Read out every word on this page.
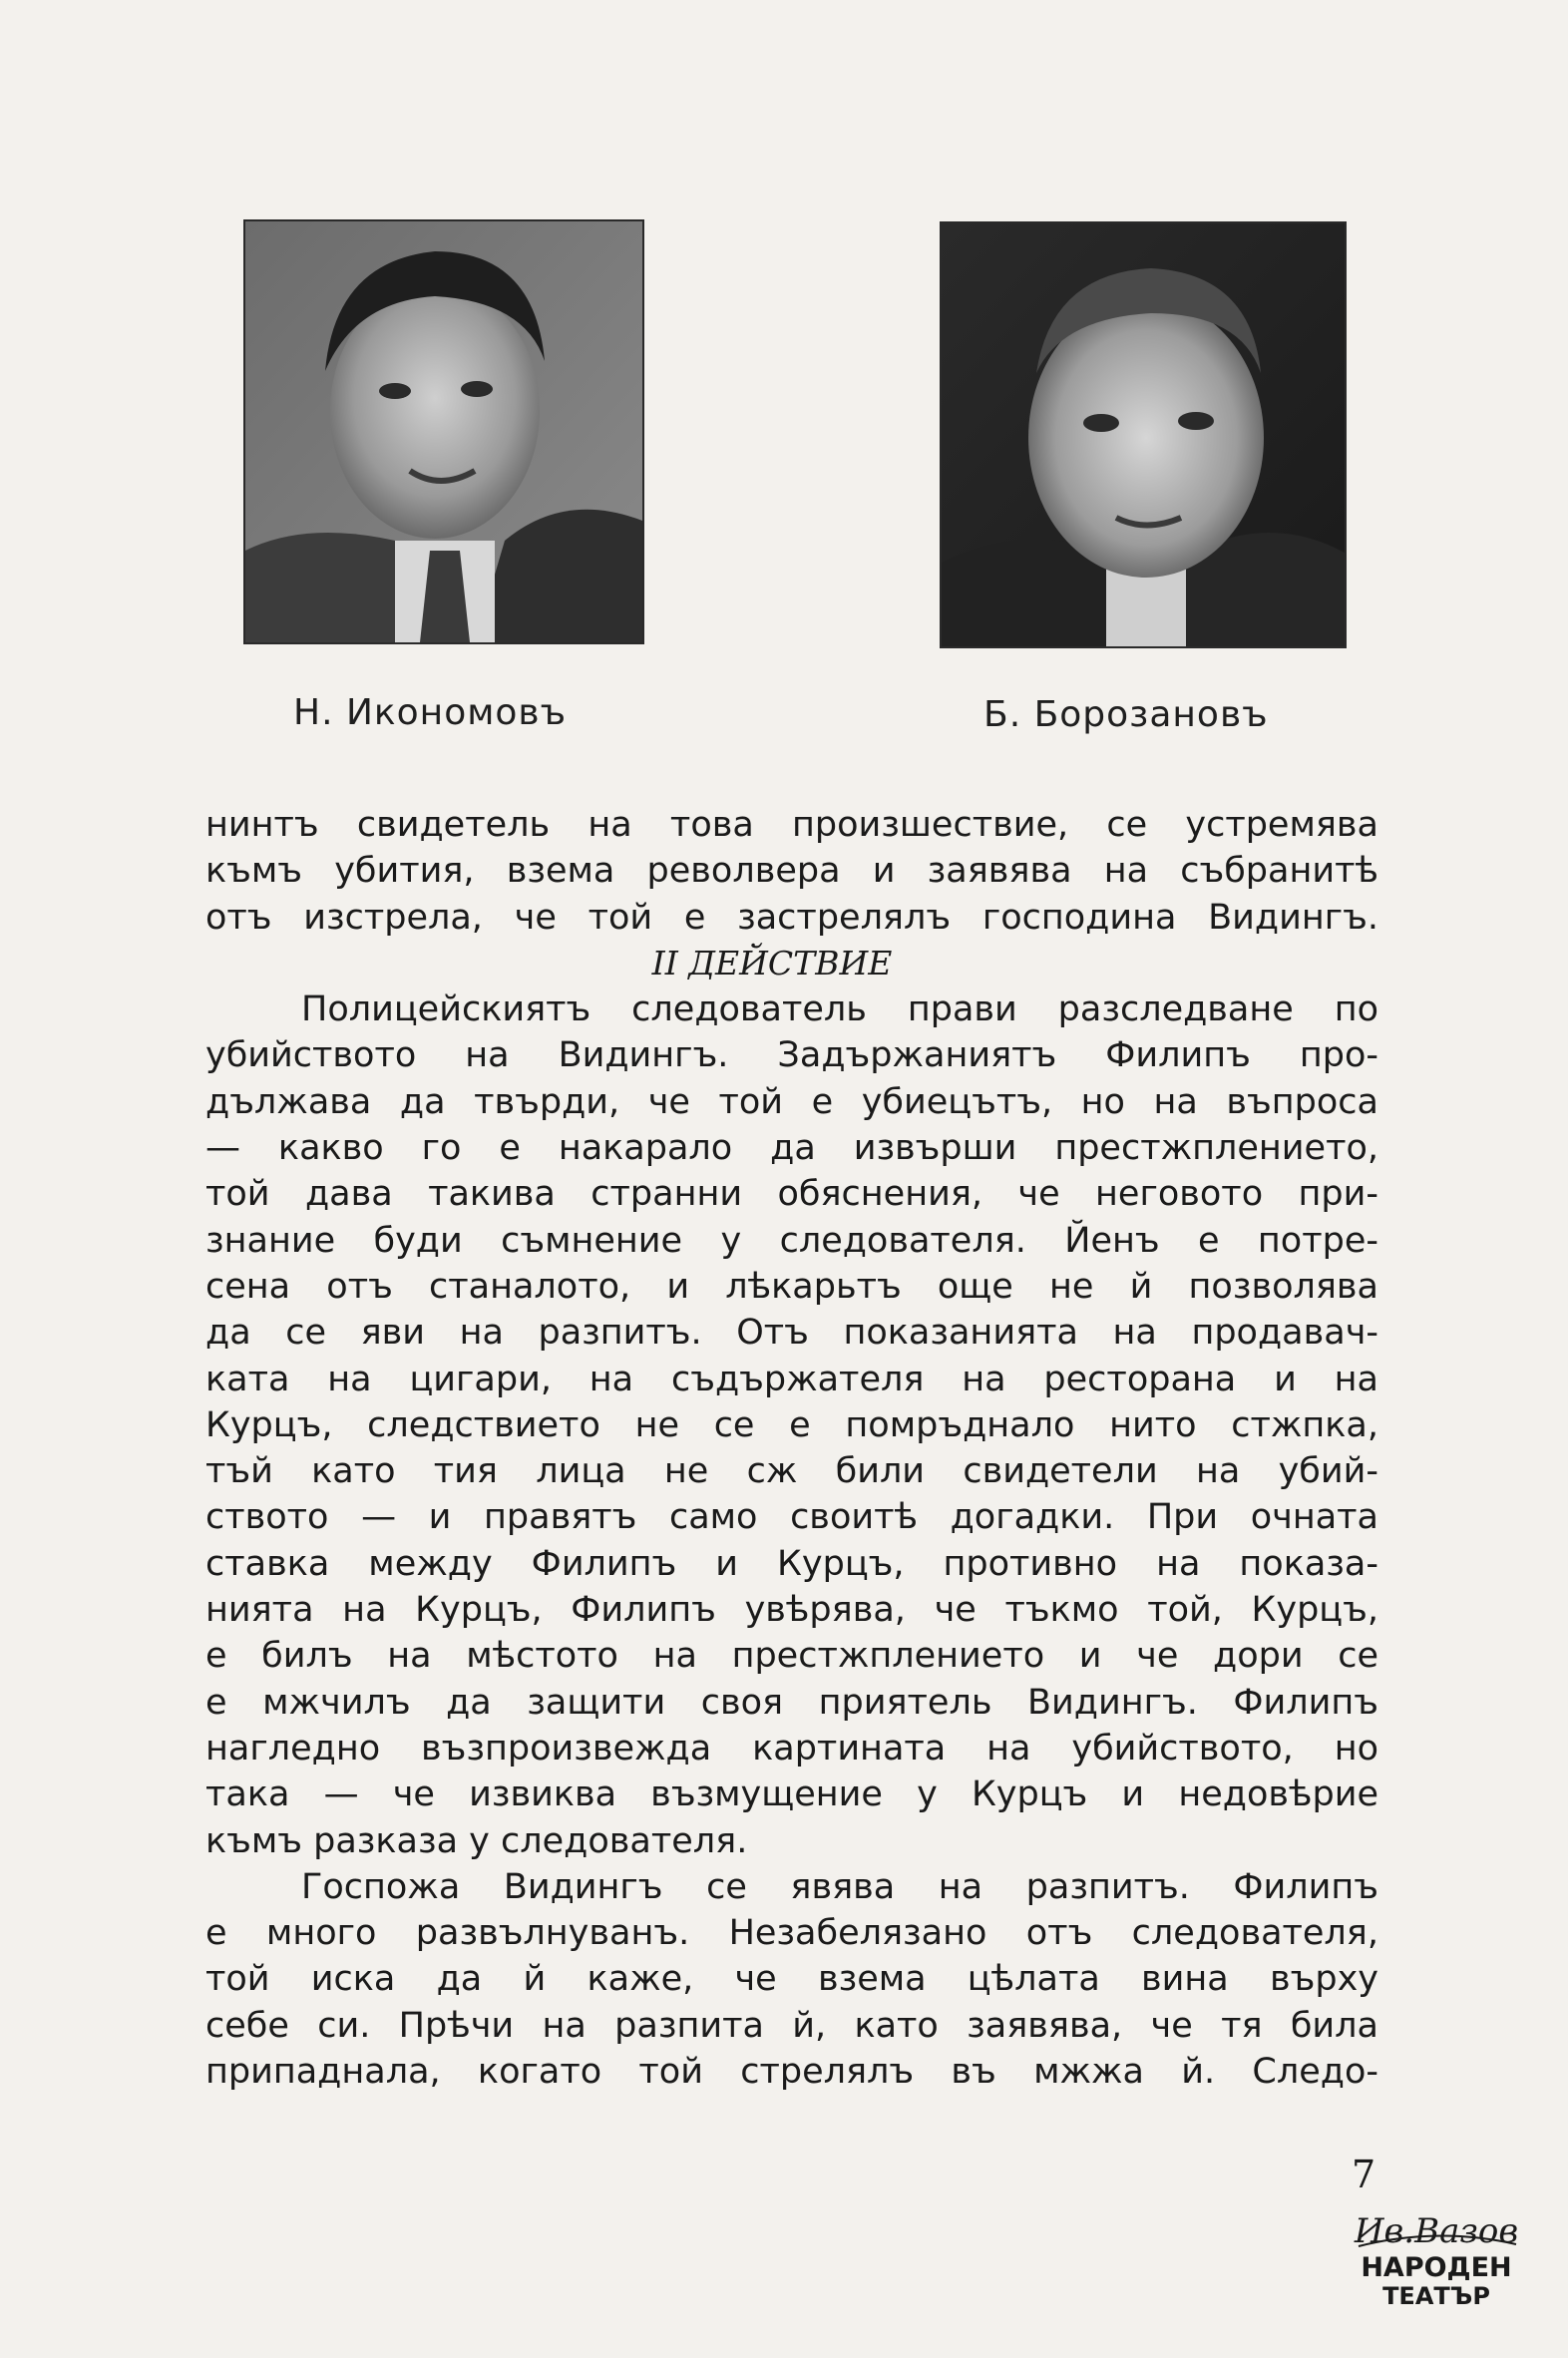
Н. Икономовъ	Б. Борозановъ
нинтъ свидетель на това произшествие, се устремява
къмъ убития, взема револвера и заявява на събранитѣ
отъ изстрела, че той е застрелялъ господина Видингъ.
II ДЕЙСТВИЕ
Полицейскиятъ следователь прави разследване по
убийството на Видингъ. Задържаниятъ Филипъ про-
дължава да твърди, че той е убиецътъ, но на въпроса
— какво го е накарало да извърши престжплението,
той дава такива странни обяснения, че неговото при-
знание буди съмнение у следователя. Йенъ е потре-
сена отъ станалото, и лѣкарьтъ още не й позволява
да се яви на разпитъ. Отъ показанията на продавач-
ката на цигари, на съдържателя на ресторана и на
Курцъ, следствието не се е помръднало нито стжпка,
тъй като тия лица не сж били свидетели на убий-
ството — и правятъ само своитѣ догадки. При очната
ставка между Филипъ и Курцъ, противно на показа-
нията на Курцъ, Филипъ увѣрява, че тъкмо той, Курцъ,
е билъ на мѣстото на престжплението и че дори се
е мжчилъ да защити своя приятель Видингъ. Филипъ
нагледно възпроизвежда картината на убийството, но
така — че извиква възмущение у Курцъ и недовѣрие
къмъ разказа у следователя.
Госпожа Видингъ се явява на разпитъ. Филипъ
е много развълнуванъ. Незабелязано отъ следователя,
той иска да й каже, че взема цѣлата вина върху
себе си. Прѣчи на разпита й, като заявява, че тя била
припаднала, когато той стрелялъ въ мжжа й. Следо-
7
Ив.Вазов
НАРОДЕН
ТЕАТЪР
